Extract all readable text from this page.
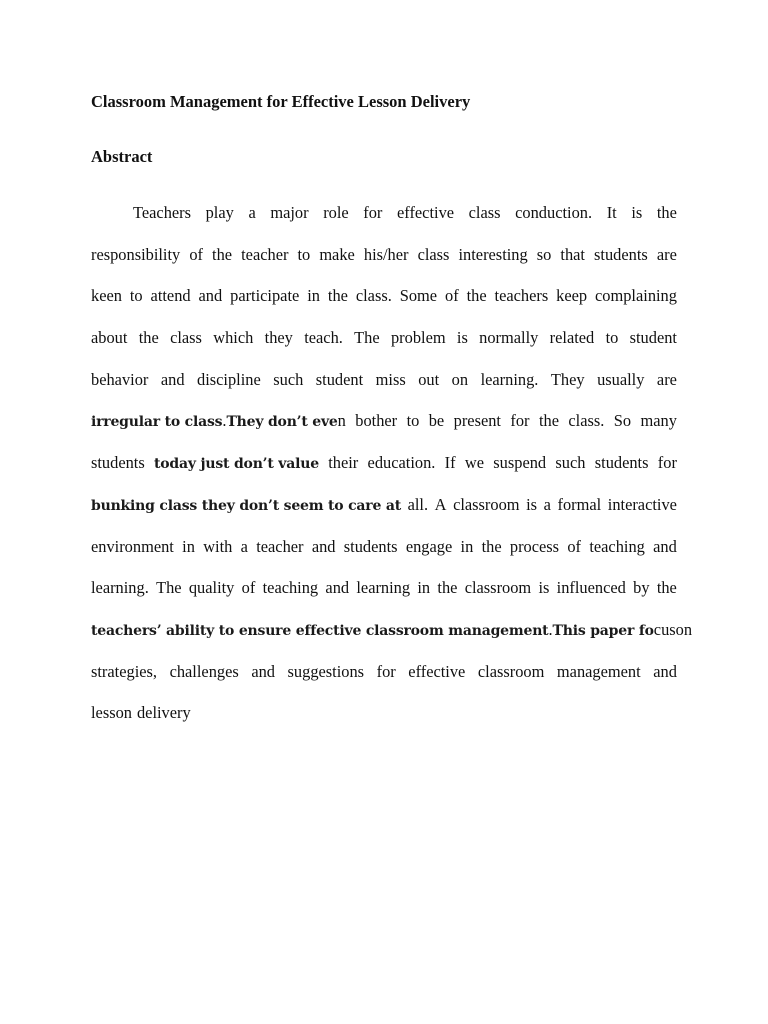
Classroom Management for Effective Lesson Delivery
Abstract
Teachers play a major role for effective class conduction. It is the
responsibility of the teacher to make his/her class interesting so that students are
keen to attend and participate in the class. Some of the teachers keep complaining
about the class which they teach. The problem is normally related to student
behavior and discipline such student miss out on learning. They usually are
irregular to class.They don’t even bother to be present for the class. So many
students today just don’t value their education. If we suspend such students for
bunking class they don’t seem to care at all. A classroom is a formal interactive
environment in with a teacher and students engage in the process of teaching and
learning. The quality of teaching and learning in the classroom is influenced by the
teachers’ ability to ensure effective classroom management.This paper focus on
strategies, challenges and suggestions for effective classroom management and
lesson delivery
